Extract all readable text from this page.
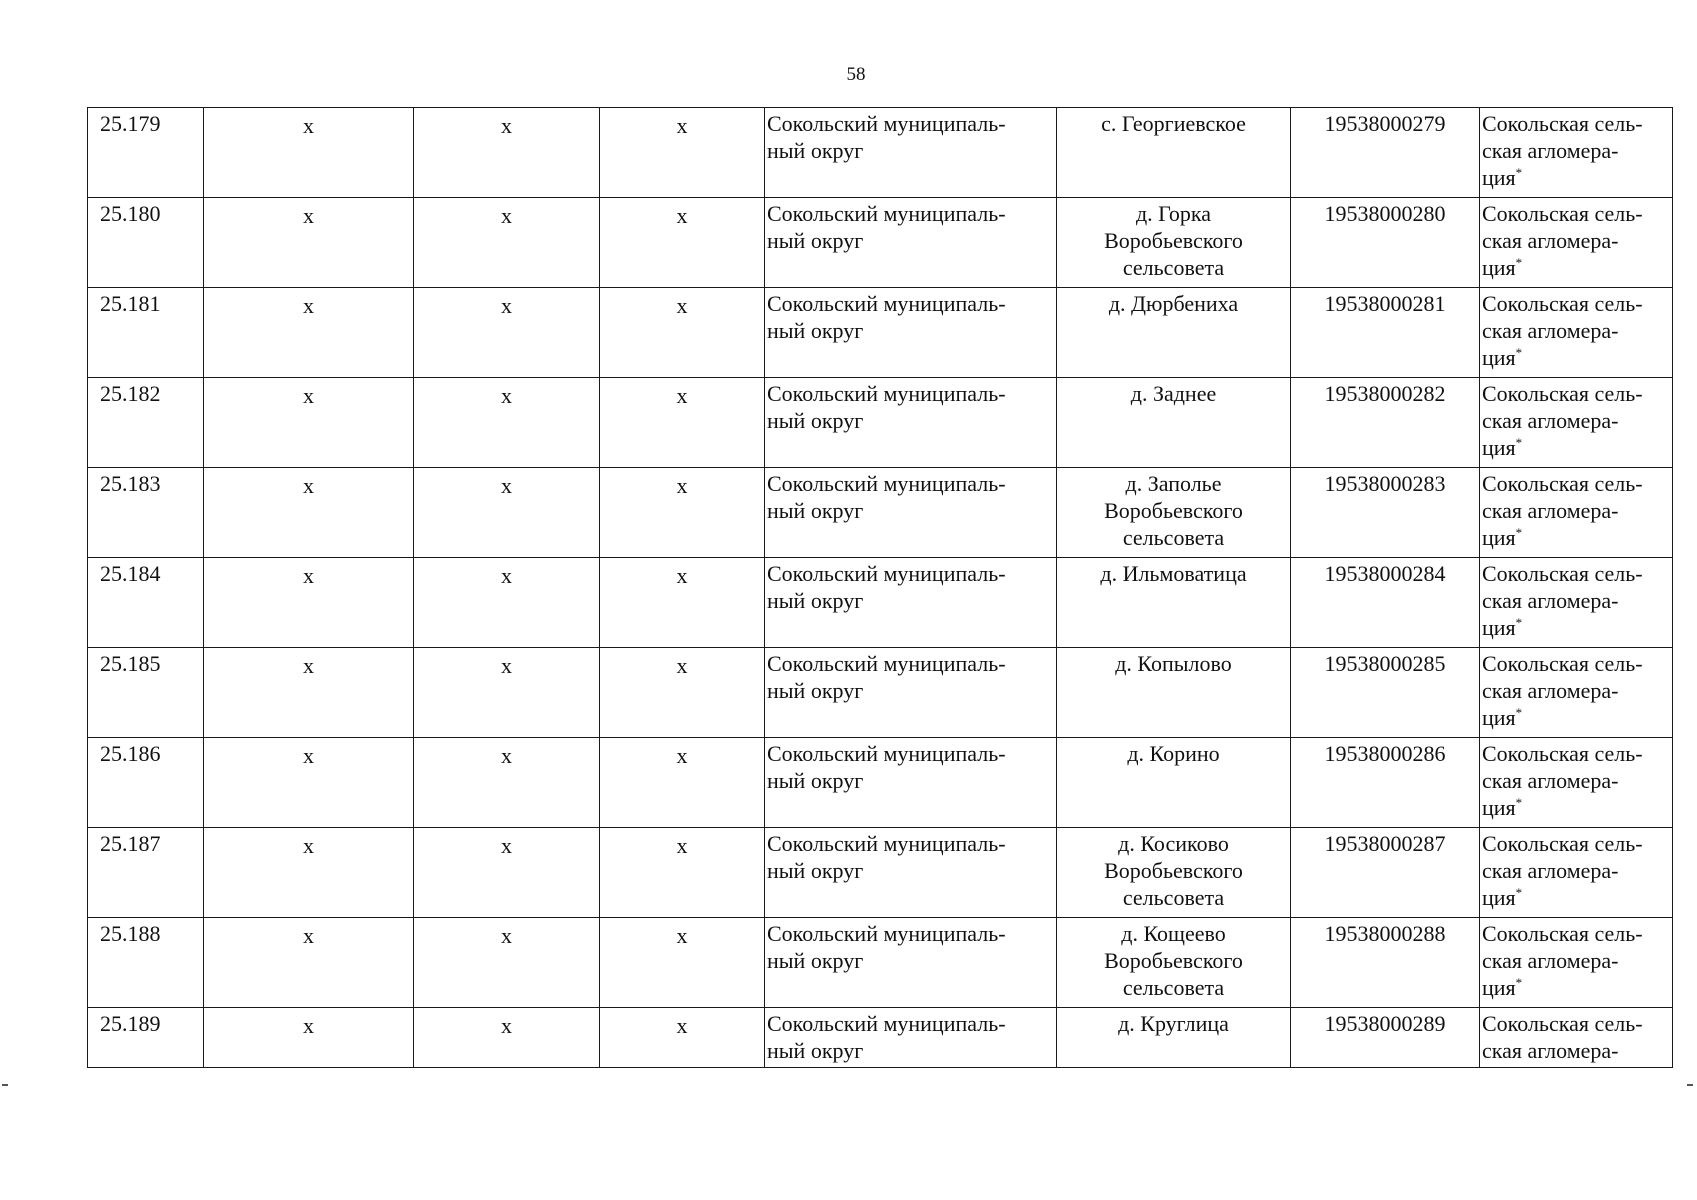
58
25.179	х	х	х	Сокольский муниципаль-
ный округ	с. Георгиевское	19538000279	Сокольская сель-
ская агломера-
ция*
25.180	х	х	х	Сокольский муниципаль-
ный округ	д. Горка
Воробьевского
сельсовета	19538000280	Сокольская сель-
ская агломера-
ция*
25.181	х	х	х	Сокольский муниципаль-
ный округ	д. Дюрбениха	19538000281	Сокольская сель-
ская агломера-
ция*
25.182	х	х	х	Сокольский муниципаль-
ный округ	д. Заднее	19538000282	Сокольская сель-
ская агломера-
ция*
25.183	х	х	х	Сокольский муниципаль-
ный округ	д. Заполье
Воробьевского
сельсовета	19538000283	Сокольская сель-
ская агломера-
ция*
25.184	х	х	х	Сокольский муниципаль-
ный округ	д. Ильмоватица	19538000284	Сокольская сель-
ская агломера-
ция*
25.185	х	х	х	Сокольский муниципаль-
ный округ	д. Копылово	19538000285	Сокольская сель-
ская агломера-
ция*
25.186	х	х	х	Сокольский муниципаль-
ный округ	д. Корино	19538000286	Сокольская сель-
ская агломера-
ция*
25.187	х	х	х	Сокольский муниципаль-
ный округ	д. Косиково
Воробьевского
сельсовета	19538000287	Сокольская сель-
ская агломера-
ция*
25.188	х	х	х	Сокольский муниципаль-
ный округ	д. Кощеево
Воробьевского
сельсовета	19538000288	Сокольская сель-
ская агломера-
ция*
25.189	х	х	х	Сокольский муниципаль-
ный округ	д. Круглица	19538000289	Сокольская сель-
ская агломера-
